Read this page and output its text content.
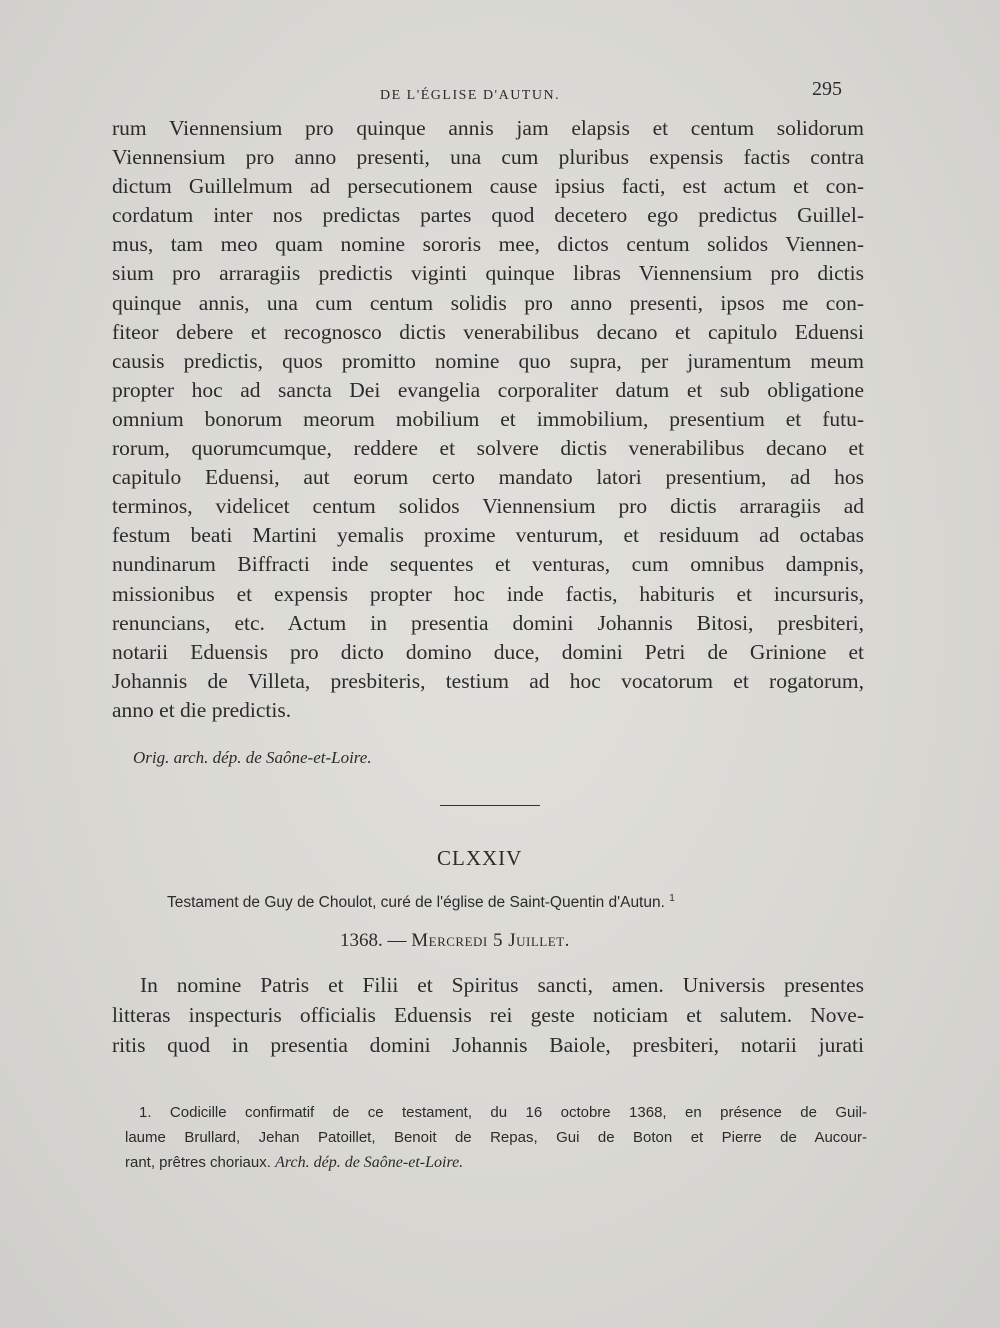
DE L'ÉGLISE D'AUTUN.	295
rum Viennensium pro quinque annis jam elapsis et centum solidorum
Viennensium pro anno presenti, una cum pluribus expensis factis contra
dictum Guillelmum ad persecutionem cause ipsius facti, est actum et con-
cordatum inter nos predictas partes quod decetero ego predictus Guillel-
mus, tam meo quam nomine sororis mee, dictos centum solidos Viennen-
sium pro arraragiis predictis viginti quinque libras Viennensium pro dictis
quinque annis, una cum centum solidis pro anno presenti, ipsos me con-
fiteor debere et recognosco dictis venerabilibus decano et capitulo Eduensi
causis predictis, quos promitto nomine quo supra, per juramentum meum
propter hoc ad sancta Dei evangelia corporaliter datum et sub obligatione
omnium bonorum meorum mobilium et immobilium, presentium et futu-
rorum, quorumcumque, reddere et solvere dictis venerabilibus decano et
capitulo Eduensi, aut eorum certo mandato latori presentium, ad hos
terminos, videlicet centum solidos Viennensium pro dictis arraragiis ad
festum beati Martini yemalis proxime venturum, et residuum ad octabas
nundinarum Biffracti inde sequentes et venturas, cum omnibus dampnis,
missionibus et expensis propter hoc inde factis, habituris et incursuris,
renuncians, etc. Actum in presentia domini Johannis Bitosi, presbiteri,
notarii Eduensis pro dicto domino duce, domini Petri de Grinione et
Johannis de Villeta, presbiteris, testium ad hoc vocatorum et rogatorum,
anno et die predictis.
Orig. arch. dép. de Saône-et-Loire.
CLXXIV
Testament de Guy de Choulot, curé de l'église de Saint-Quentin d'Autun. $^1$
1368. — Mercredi 5 Juillet.
In nomine Patris et Filii et Spiritus sancti, amen. Universis presentes
litteras inspecturis officialis Eduensis rei geste noticiam et salutem. Nove-
ritis quod in presentia domini Johannis Baiole, presbiteri, notarii jurati
1. Codicille confirmatif de ce testament, du 16 octobre 1368, en présence de Guil-
laume Brullard, Jehan Patoillet, Benoit de Repas, Gui de Boton et Pierre de Aucour-
rant, prêtres choriaux. Arch. dép. de Saône-et-Loire.
